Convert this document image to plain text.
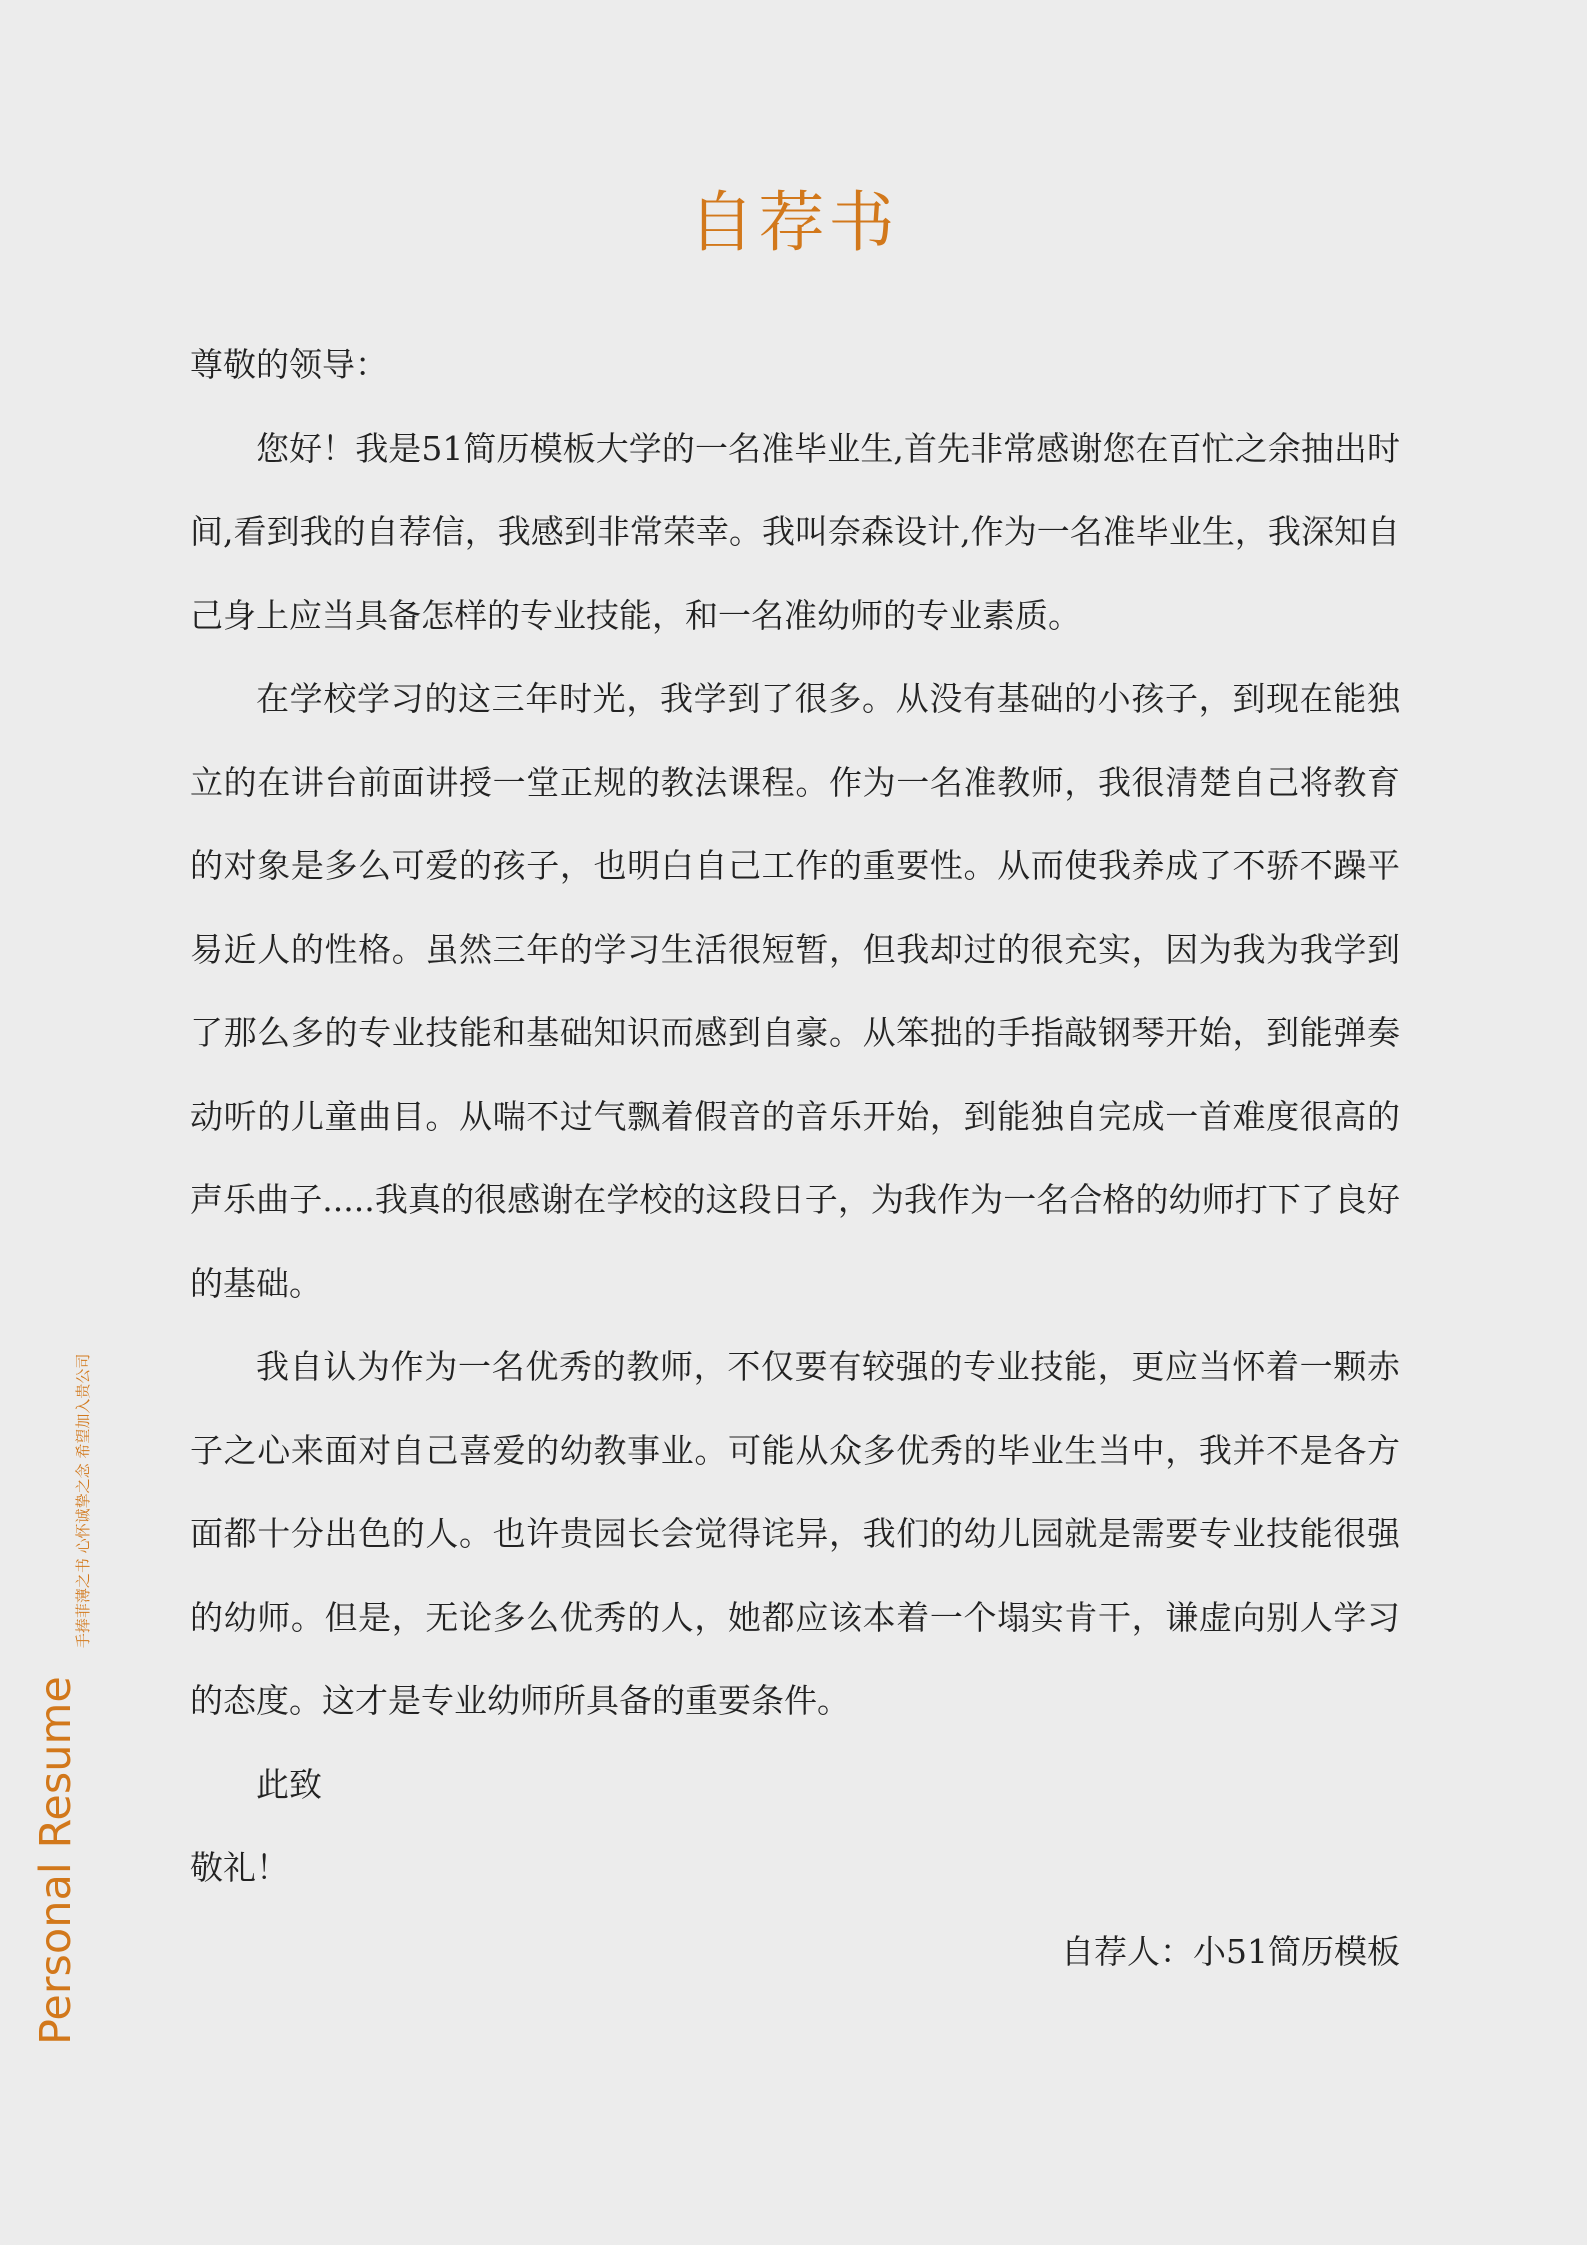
自荐书

尊敬的领导：

您好！我是51简历模板大学的一名准毕业生,首先非常感谢您在百忙之余抽出时间,看到我的自荐信，我感到非常荣幸。我叫奈森设计,作为一名准毕业生，我深知自己身上应当具备怎样的专业技能，和一名准幼师的专业素质。

在学校学习的这三年时光，我学到了很多。从没有基础的小孩子，到现在能独立的在讲台前面讲授一堂正规的教法课程。作为一名准教师，我很清楚自己将教育的对象是多么可爱的孩子，也明白自己工作的重要性。从而使我养成了不骄不躁平易近人的性格。虽然三年的学习生活很短暂，但我却过的很充实，因为我为我学到了那么多的专业技能和基础知识而感到自豪。从笨拙的手指敲钢琴开始，到能弹奏动听的儿童曲目。从喘不过气飘着假音的音乐开始，到能独自完成一首难度很高的声乐曲子.....我真的很感谢在学校的这段日子，为我作为一名合格的幼师打下了良好的基础。

我自认为作为一名优秀的教师，不仅要有较强的专业技能，更应当怀着一颗赤子之心来面对自己喜爱的幼教事业。可能从众多优秀的毕业生当中，我并不是各方面都十分出色的人。也许贵园长会觉得诧异，我们的幼儿园就是需要专业技能很强的幼师。但是，无论多么优秀的人，她都应该本着一个塌实肯干，谦虚向别人学习的态度。这才是专业幼师所具备的重要条件。

此致

敬礼！

自荐人：小51简历模板

Personal Resume
手捧菲薄之书 心怀诚挚之念 希望加入贵公司
